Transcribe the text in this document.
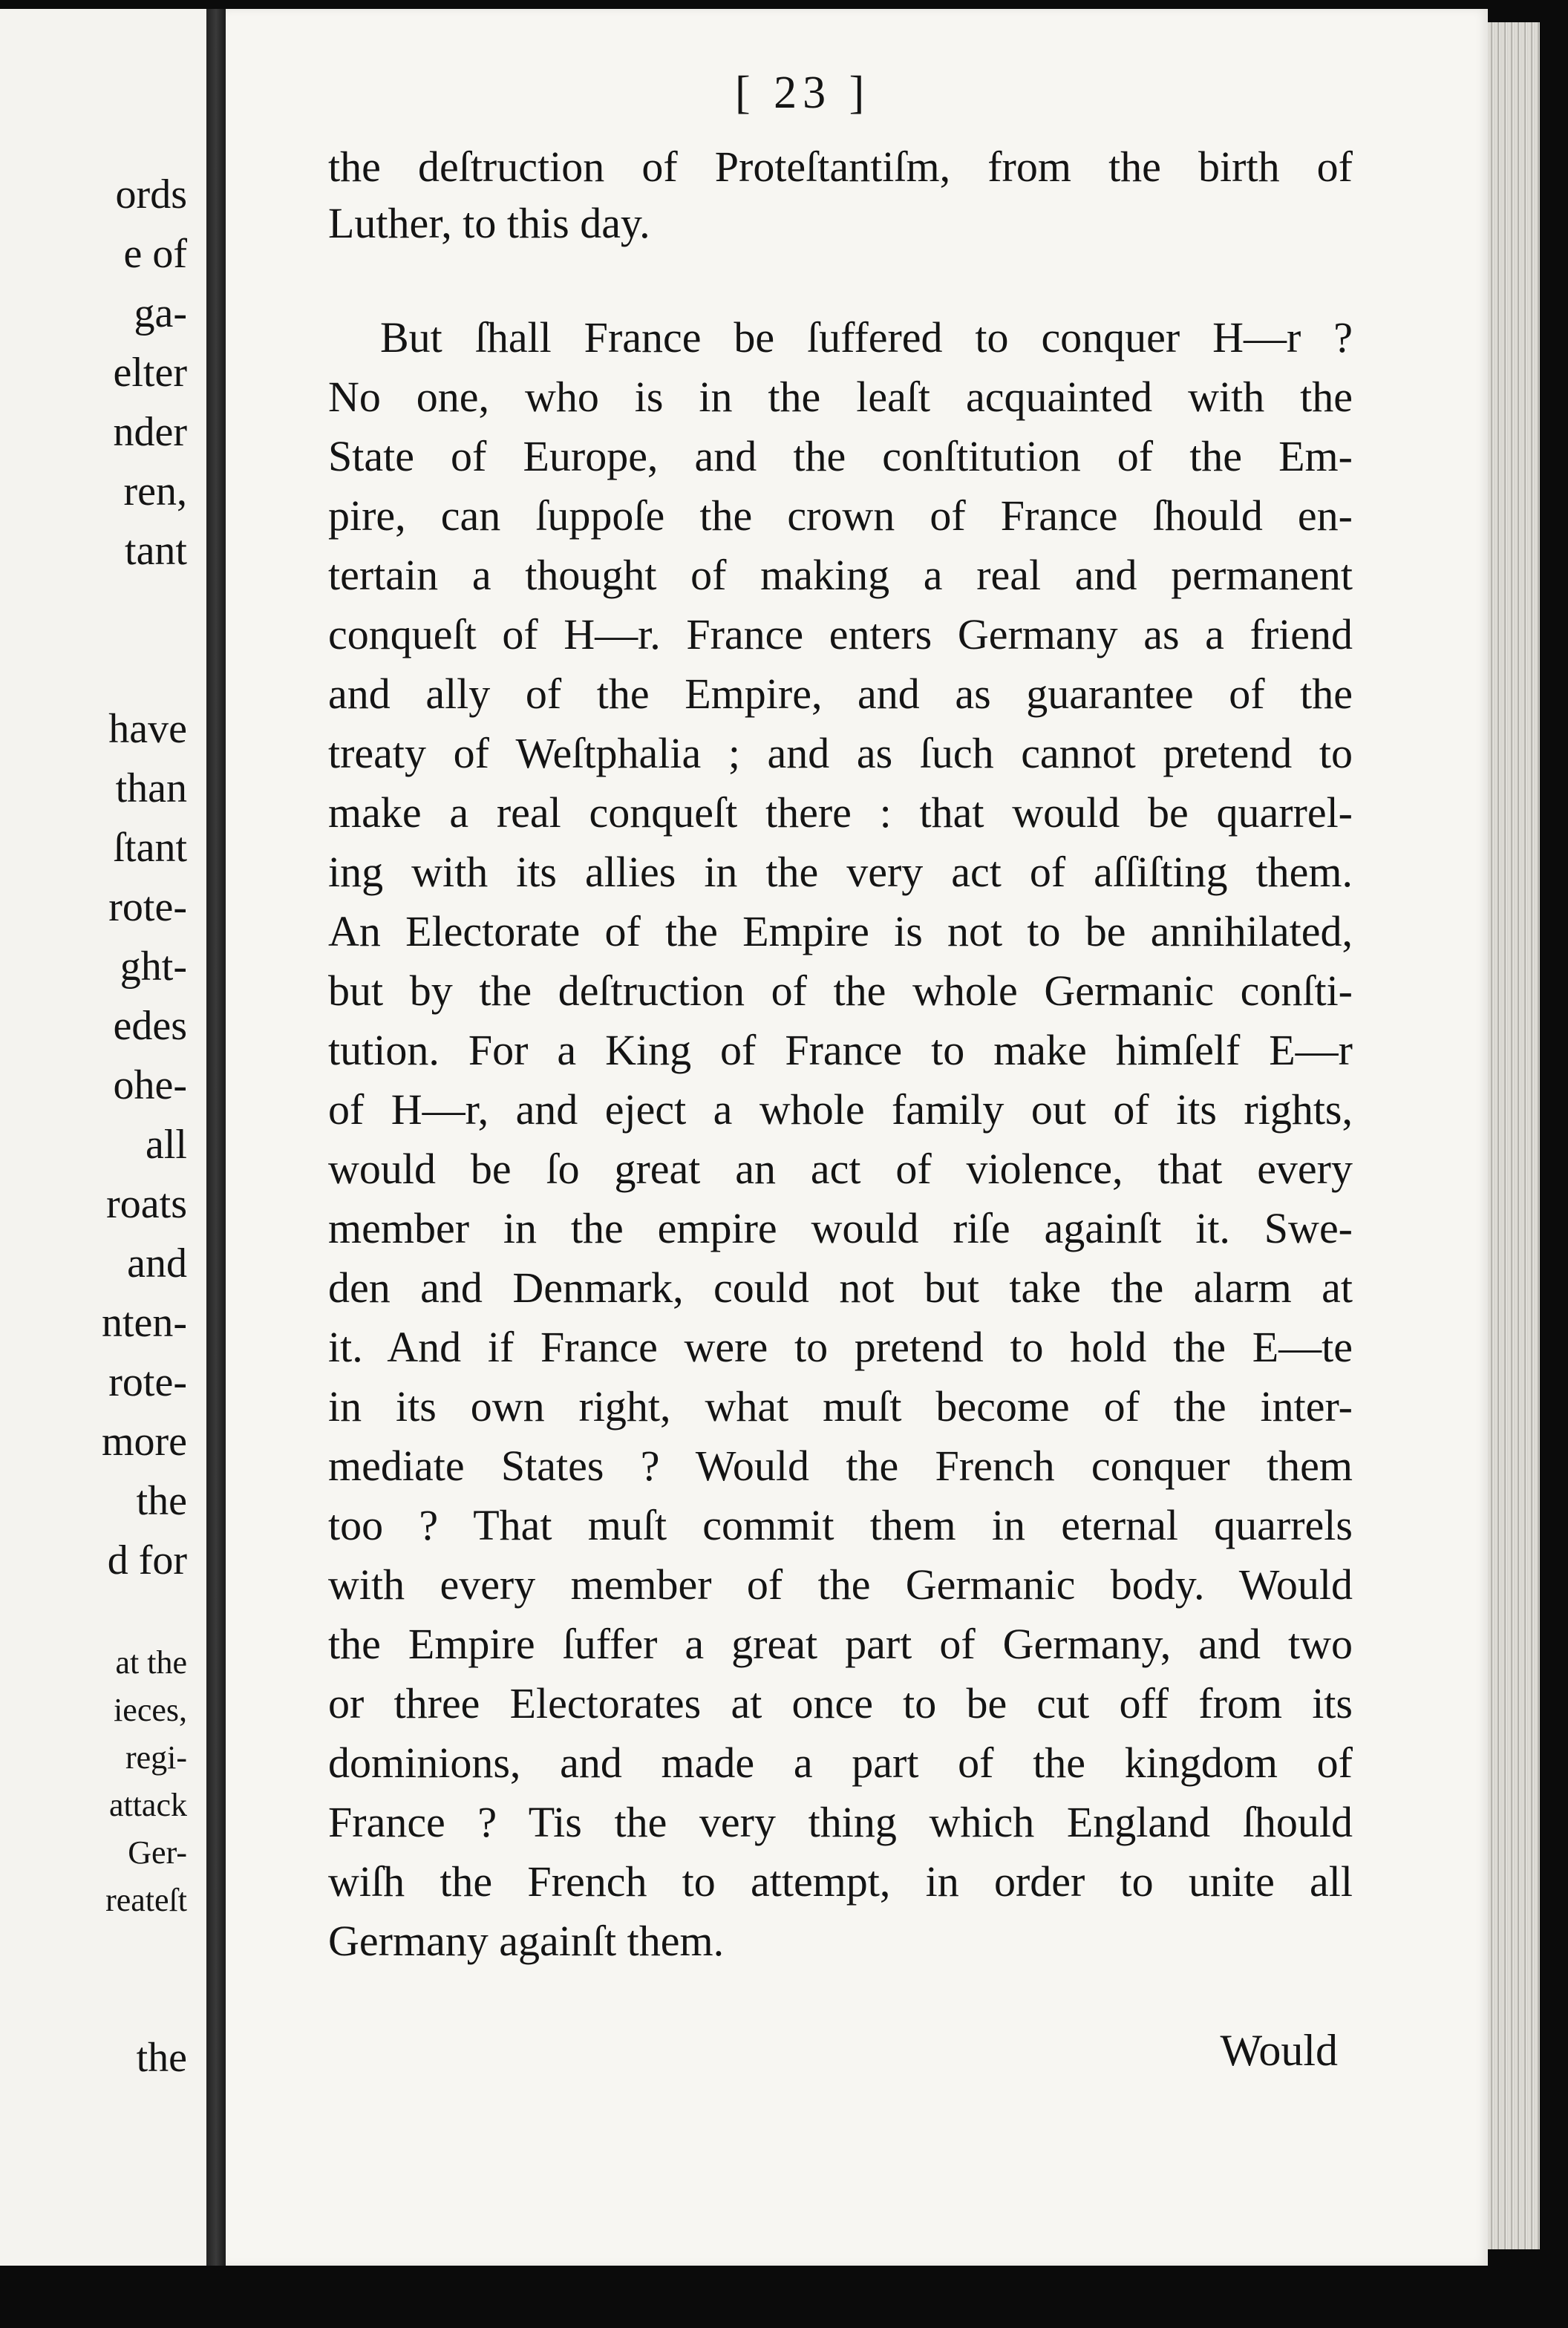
ords
e of
ga-
elter
nder
ren,
tant
have
than
ſtant
rote-
ght-
edes
ohe-
all
roats
and
nten-
rote-
more
the
d for
at the
ieces,
regi-
attack
Ger-
reateſt
the
[ 23 ]
the deſtruction of Proteſtantiſm, from the birth of
Luther, to this day.
But ſhall France be ſuffered to conquer H—r ?
No one, who is in the leaſt acquainted with the
State of Europe, and the conſtitution of the Em-
pire, can ſuppoſe the crown of France ſhould en-
tertain a thought of making a real and permanent
conqueſt of H—r. France enters Germany as a friend
and ally of the Empire, and as guarantee of the
treaty of Weſtphalia ; and as ſuch cannot pretend to
make a real conqueſt there : that would be quarrel-
ing with its allies in the very act of aſſiſting them.
An Electorate of the Empire is not to be annihilated,
but by the deſtruction of the whole Germanic conſti-
tution. For a King of France to make himſelf E—r
of H—r, and eject a whole family out of its rights,
would be ſo great an act of violence, that every
member in the empire would riſe againſt it. Swe-
den and Denmark, could not but take the alarm at
it. And if France were to pretend to hold the E—te
in its own right, what muſt become of the inter-
mediate States ? Would the French conquer them
too ? That muſt commit them in eternal quarrels
with every member of the Germanic body. Would
the Empire ſuffer a great part of Germany, and two
or three Electorates at once to be cut off from its
dominions, and made a part of the kingdom of
France ? Tis the very thing which England ſhould
wiſh the French to attempt, in order to unite all
Germany againſt them.
Would
